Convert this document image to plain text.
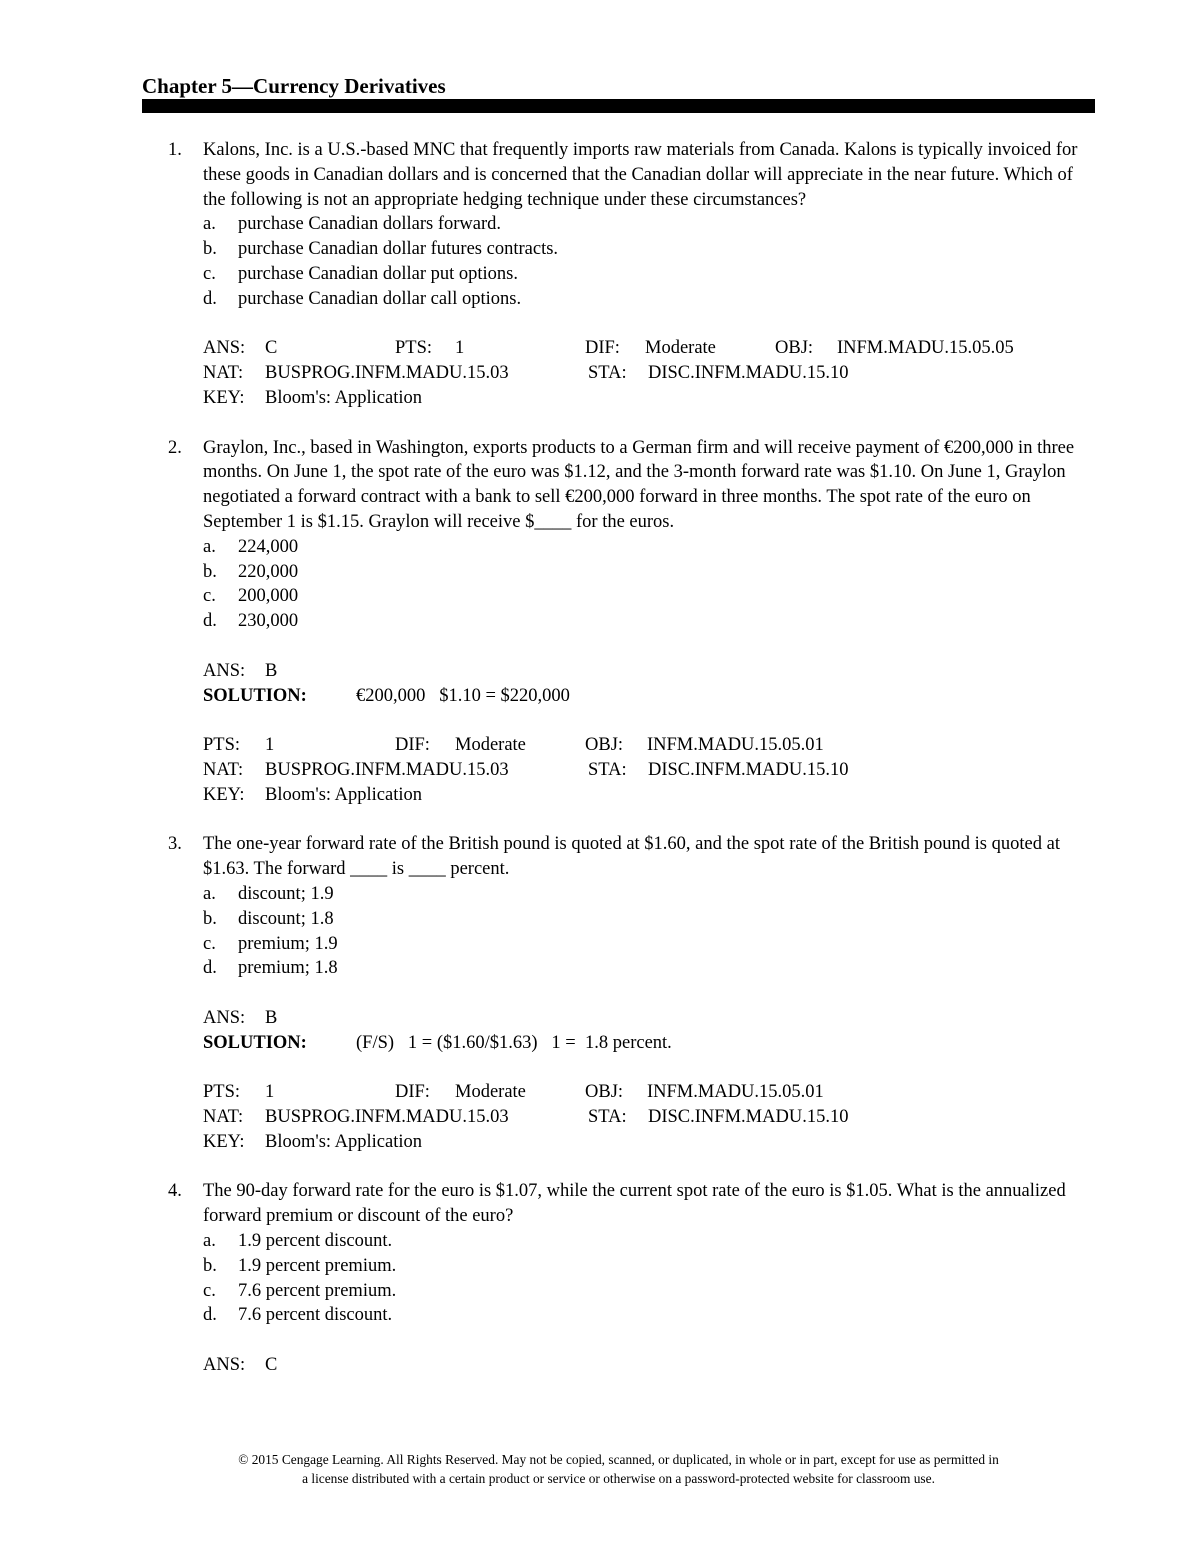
Chapter 5—Currency Derivatives
1.	Kalons, Inc. is a U.S.-based MNC that frequently imports raw materials from Canada. Kalons is typically invoiced for these goods in Canadian dollars and is concerned that the Canadian dollar will appreciate in the near future. Which of the following is not an appropriate hedging technique under these circumstances?
a. purchase Canadian dollars forward.
b. purchase Canadian dollar futures contracts.
c. purchase Canadian dollar put options.
d. purchase Canadian dollar call options.
ANS:	C	PTS:	1	DIF:	Moderate	OBJ:	INFM.MADU.15.05.05
NAT:	BUSPROG.INFM.MADU.15.03	STA:	DISC.INFM.MADU.15.10
KEY:	Bloom's: Application
2.	Graylon, Inc., based in Washington, exports products to a German firm and will receive payment of €200,000 in three months. On June 1, the spot rate of the euro was $1.12, and the 3-month forward rate was $1.10. On June 1, Graylon negotiated a forward contract with a bank to sell €200,000 forward in three months. The spot rate of the euro on September 1 is $1.15. Graylon will receive $____ for the euros.
a. 224,000
b. 220,000
c. 200,000
d. 230,000
ANS:	B
SOLUTION:	€200,000   $1.10 = $220,000
PTS:	1	DIF:	Moderate	OBJ:	INFM.MADU.15.05.01
NAT:	BUSPROG.INFM.MADU.15.03	STA:	DISC.INFM.MADU.15.10
KEY:	Bloom's: Application
3.	The one-year forward rate of the British pound is quoted at $1.60, and the spot rate of the British pound is quoted at $1.63. The forward ____ is ____ percent.
a. discount; 1.9
b. discount; 1.8
c. premium; 1.9
d. premium; 1.8
ANS:	B
SOLUTION:	(F/S)   1 = ($1.60/$1.63)   1 =  1.8 percent.
PTS:	1	DIF:	Moderate	OBJ:	INFM.MADU.15.05.01
NAT:	BUSPROG.INFM.MADU.15.03	STA:	DISC.INFM.MADU.15.10
KEY:	Bloom's: Application
4.	The 90-day forward rate for the euro is $1.07, while the current spot rate of the euro is $1.05. What is the annualized forward premium or discount of the euro?
a. 1.9 percent discount.
b. 1.9 percent premium.
c. 7.6 percent premium.
d. 7.6 percent discount.
ANS:	C
© 2015 Cengage Learning. All Rights Reserved. May not be copied, scanned, or duplicated, in whole or in part, except for use as permitted in
a license distributed with a certain product or service or otherwise on a password-protected website for classroom use.
